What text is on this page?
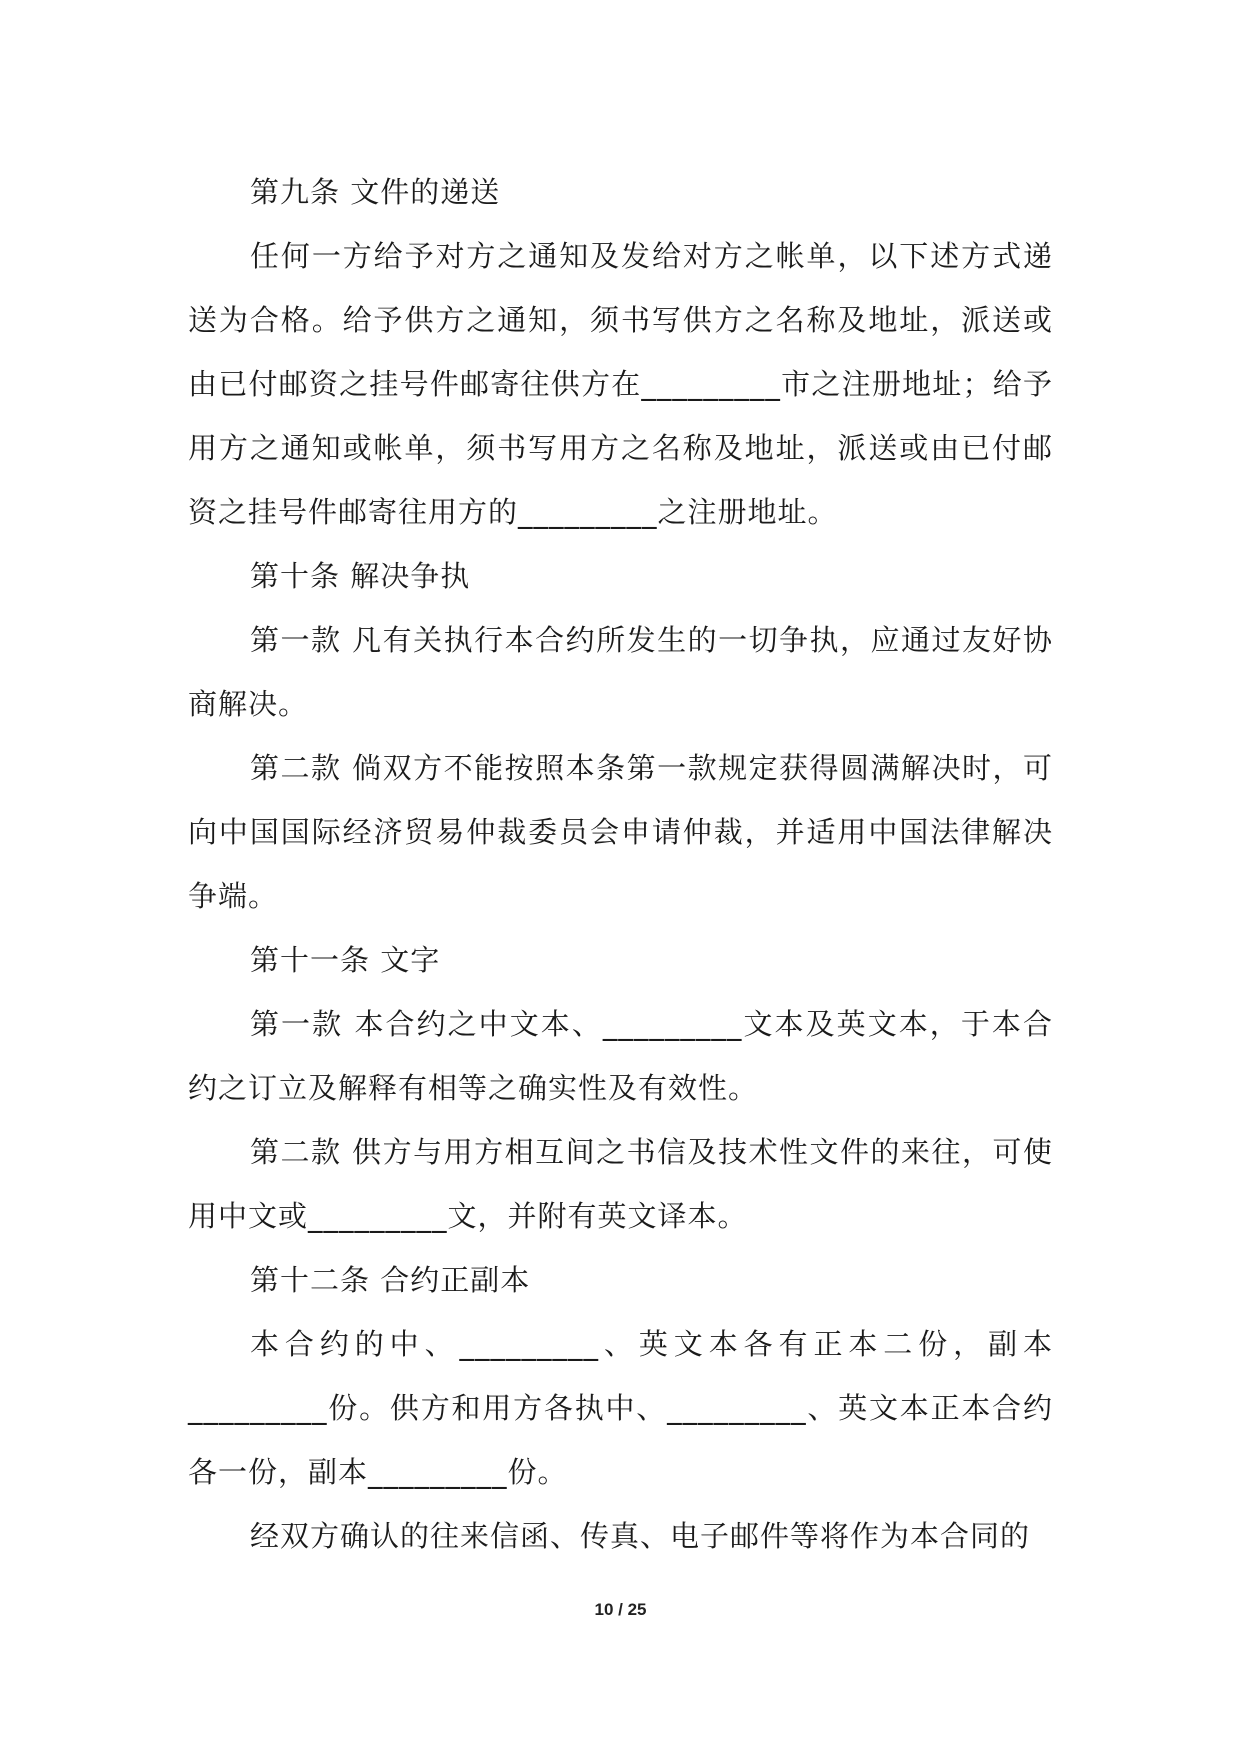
第九条 文件的递送

任何一方给予对方之通知及发给对方之帐单，以下述方式递送为合格。给予供方之通知，须书写供方之名称及地址，派送或由已付邮资之挂号件邮寄往供方在_________市之注册地址；给予用方之通知或帐单，须书写用方之名称及地址，派送或由已付邮资之挂号件邮寄往用方的_________之注册地址。

第十条 解决争执

第一款 凡有关执行本合约所发生的一切争执，应通过友好协商解决。

第二款 倘双方不能按照本条第一款规定获得圆满解决时，可向中国国际经济贸易仲裁委员会申请仲裁，并适用中国法律解决争端。

第十一条 文字

第一款 本合约之中文本、_________文本及英文本，于本合约之订立及解释有相等之确实性及有效性。

第二款 供方与用方相互间之书信及技术性文件的来往，可使用中文或_________文，并附有英文译本。

第十二条 合约正副本

本合约的中、_________、英文本各有正本二份，副本_________份。供方和用方各执中、_________、英文本正本合约各一份，副本_________份。

经双方确认的往来信函、传真、电子邮件等将作为本合同的

10 / 25
